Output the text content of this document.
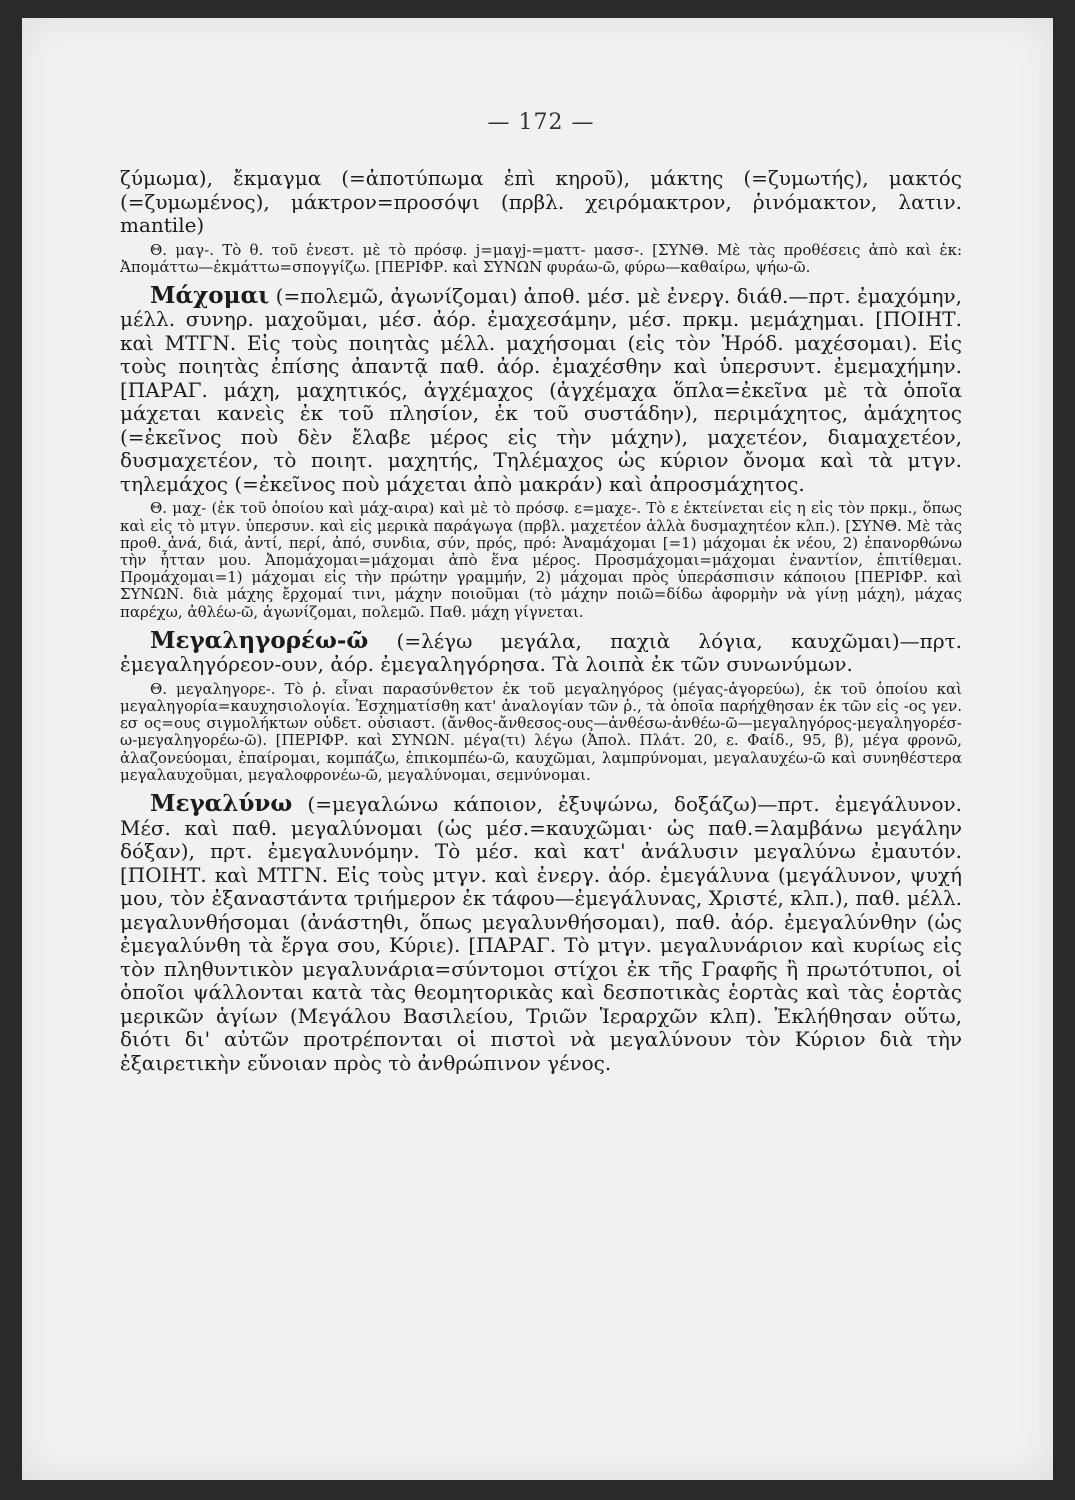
— 172 —

ζύμωμα), ἔκμαγμα (=ἀποτύπωμα ἐπὶ κηροῦ), μάκτης (=ζυμωτής), μακτός (=ζυμωμένος), μάκτρον=προσόψι (πρβλ. χειρόμακτρον, ῥινόμακτον, λατιν. mantile)

Θ. μαγ-. Τὸ θ. τοῦ ἐνεστ. μὲ τὸ πρόσφ. j=μαγj-=ματτ- μασσ-. [ΣΥΝΘ. Μὲ τὰς προθέσεις ἀπὸ καὶ ἐκ: Ἀπομάττω—ἐκμάττω=σπογγίζω. [ΠΕΡΙΦΡ. καὶ ΣΥΝΩΝ φυράω-ῶ, φύρω—καθαίρω, ψήω-ῶ.

Μάχομαι (=πολεμῶ, ἀγωνίζομαι) ἀποθ. μέσ. μὲ ἐνεργ. διάθ.—πρτ. ἐμαχόμην, μέλλ. συνηρ. μαχοῦμαι, μέσ. ἀόρ. ἐμαχεσάμην, μέσ. πρκμ. μεμάχημαι. [ΠΟΙΗΤ. καὶ ΜΤΓΝ. Εἰς τοὺς ποιητὰς μέλλ. μαχήσομαι (εἰς τὸν Ἡρόδ. μαχέσομαι). Εἰς τοὺς ποιητὰς ἐπίσης ἀπαντᾷ παθ. ἀόρ. ἐμαχέσθην καὶ ὑπερσυντ. ἐμεμαχήμην. [ΠΑΡΑΓ. μάχη, μαχητικός, ἀγχέμαχος (ἀγχέμαχα ὅπλα=ἐκεῖνα μὲ τὰ ὁποῖα μάχεται κανεὶς ἐκ τοῦ πλησίον, ἐκ τοῦ συστάδην), περιμάχητος, ἀμάχητος (=ἐκεῖνος ποὺ δὲν ἔλαβε μέρος εἰς τὴν μάχην), μαχετέον, διαμαχετέον, δυσμαχετέον, τὸ ποιητ. μαχητής, Τηλέμαχος ὡς κύριον ὄνομα καὶ τὰ μτγν. τηλεμάχος (=ἐκεῖνος ποὺ μάχεται ἀπὸ μακράν) καὶ ἀπροσμάχητος.

Θ. μαχ- (ἐκ τοῦ ὁποίου καὶ μάχ-αιρα) καὶ μὲ τὸ πρόσφ. ε=μαχε-. Τὸ ε ἐκτείνεται εἰς η εἰς τὸν πρκμ., ὅπως καὶ εἰς τὸ μτγν. ὑπερσυν. καὶ εἰς μερικὰ παράγωγα (πρβλ. μαχετέον ἀλλὰ δυσμαχητέον κλπ.). [ΣΥΝΘ. Μὲ τὰς προθ. ἀνά, διά, ἀντί, περί, ἀπό, συνδια, σύν, πρός, πρό: Ἀναμάχομαι [=1) μάχομαι ἐκ νέου, 2) ἐπανορθώνω τὴν ἧτταν μου. Ἀπομάχομαι=μάχομαι ἀπὸ ἕνα μέρος. Προσμάχομαι=μάχομαι ἐναντίον, ἐπιτίθεμαι. Προμάχομαι=1) μάχομαι εἰς τὴν πρώτην γραμμήν, 2) μάχομαι πρὸς ὑπεράσπισιν κάποιου [ΠΕΡΙΦΡ. καὶ ΣΥΝΩΝ. διὰ μάχης ἔρχομαί τινι, μάχην ποιοῦμαι (τὸ μάχην ποιῶ=δίδω ἀφορμὴν νὰ γίνῃ μάχη), μάχας παρέχω, ἀθλέω-ῶ, ἀγωνίζομαι, πολεμῶ. Παθ. μάχη γίγνεται.

Μεγαληγορέω-ῶ (=λέγω μεγάλα, παχιὰ λόγια, καυχῶμαι)—πρτ. ἐμεγαληγόρεον-ουν, ἀόρ. ἐμεγαληγόρησα. Τὰ λοιπὰ ἐκ τῶν συνωνύμων.

Θ. μεγαληγορε-. Τὸ ῥ. εἶναι παρασύνθετον ἐκ τοῦ μεγαληγόρος (μέγας-ἀγορεύω), ἐκ τοῦ ὁποίου καὶ μεγαληγορία=καυχησιολογία. Ἐσχηματίσθη κατ' ἀναλογίαν τῶν ῥ., τὰ ὁποῖα παρήχθησαν ἐκ τῶν εἰς -ος γεν. εσ ος=ους σιγμολήκτων οὐδετ. οὐσιαστ. (ἄνθος-ἄνθεσος-ους—ἀνθέσω-ἀνθέω-ῶ—μεγαληγόρος-μεγαληγορέσ-ω-μεγαληγορέω-ῶ). [ΠΕΡΙΦΡ. καὶ ΣΥΝΩΝ. μέγα(τι) λέγω (Ἀπολ. Πλάτ. 20, ε. Φαίδ., 95, β), μέγα φρονῶ, ἀλαζονεύομαι, ἐπαίρομαι, κομπάζω, ἐπικομπέω-ῶ, καυχῶμαι, λαμπρύνομαι, μεγαλαυχέω-ῶ καὶ συνηθέστερα μεγαλαυχοῦμαι, μεγαλοφρονέω-ῶ, μεγαλύνομαι, σεμνύνομαι.

Μεγαλύνω (=μεγαλώνω κάποιον, ἐξυψώνω, δοξάζω)—πρτ. ἐμεγάλυνον. Μέσ. καὶ παθ. μεγαλύνομαι (ὡς μέσ.=καυχῶμαι· ὡς παθ.=λαμβάνω μεγάλην δόξαν), πρτ. ἐμεγαλυνόμην. Τὸ μέσ. καὶ κατ' ἀνάλυσιν μεγαλύνω ἐμαυτόν. [ΠΟΙΗΤ. καὶ ΜΤΓΝ. Εἰς τοὺς μτγν. καὶ ἐνεργ. ἀόρ. ἐμεγάλυνα (μεγάλυνον, ψυχή μου, τὸν ἐξαναστάντα τριήμερον ἐκ τάφου—ἐμεγάλυνας, Χριστέ, κλπ.), παθ. μέλλ. μεγαλυνθήσομαι (ἀνάστηθι, ὅπως μεγαλυνθήσομαι), παθ. ἀόρ. ἐμεγαλύνθην (ὡς ἐμεγαλύνθη τὰ ἔργα σου, Κύριε). [ΠΑΡΑΓ. Τὸ μτγν. μεγαλυνάριον καὶ κυρίως εἰς τὸν πληθυντικὸν μεγαλυνάρια=σύντομοι στίχοι ἐκ τῆς Γραφῆς ἢ πρωτότυποι, οἱ ὁποῖοι ψάλλονται κατὰ τὰς θεομητορικὰς καὶ δεσποτικὰς ἑορτὰς καὶ τὰς ἑορτὰς μερικῶν ἁγίων (Μεγάλου Βασιλείου, Τριῶν Ἱεραρχῶν κλπ). Ἐκλήθησαν οὕτω, διότι δι' αὐτῶν προτρέπονται οἱ πιστοὶ νὰ μεγαλύνουν τὸν Κύριον διὰ τὴν ἐξαιρετικὴν εὔνοιαν πρὸς τὸ ἀνθρώπινον γένος.
